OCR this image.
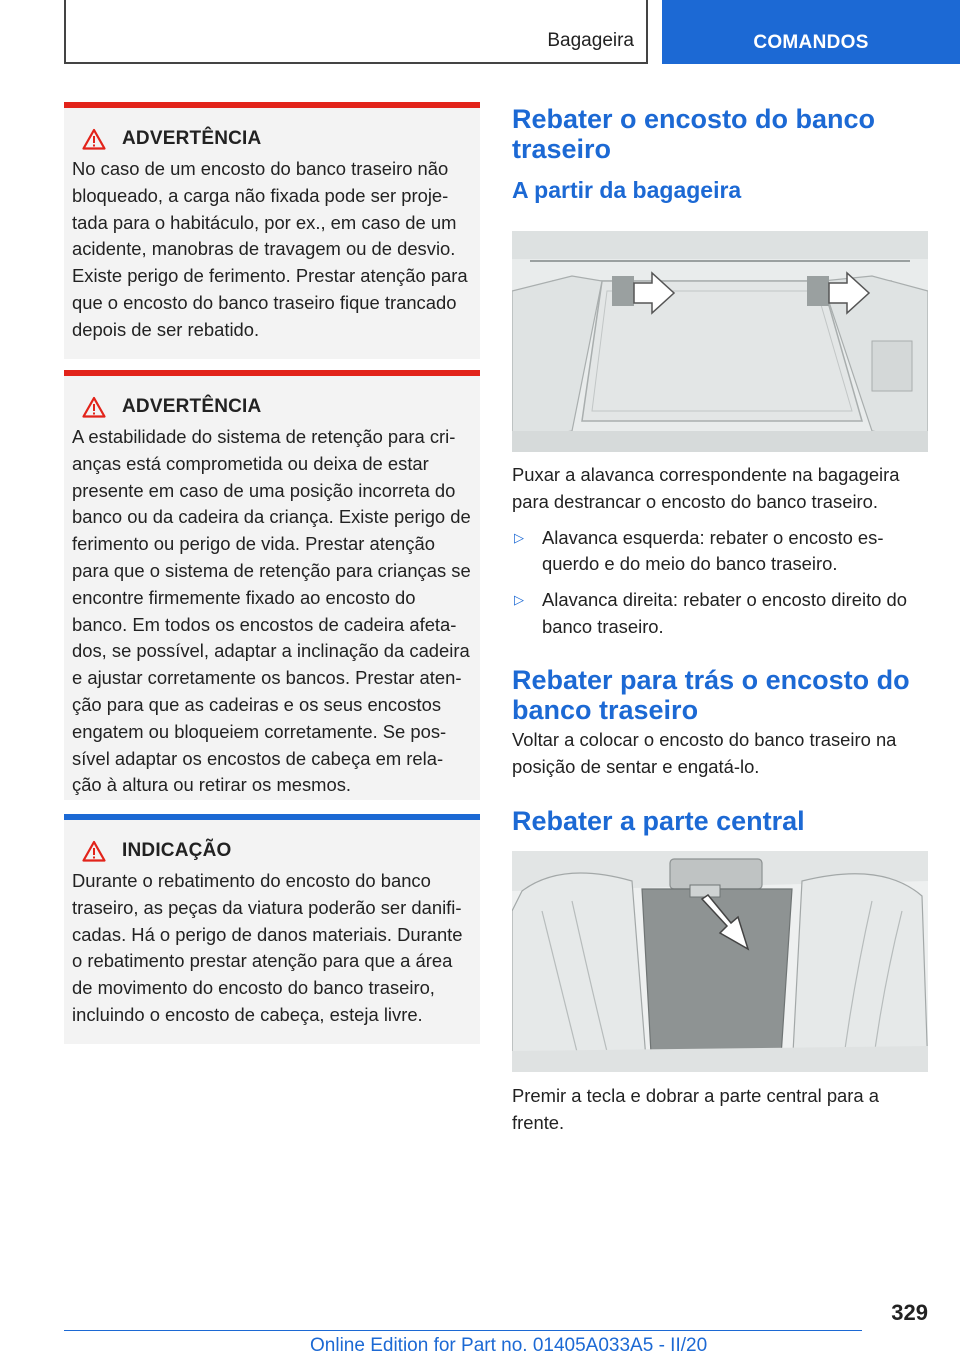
Bagageira	COMANDOS
ADVERTÊNCIA
No caso de um encosto do banco traseiro não bloqueado, a carga não fixada pode ser proje-tada para o habitáculo, por ex., em caso de um acidente, manobras de travagem ou de desvio. Existe perigo de ferimento. Prestar atenção para que o encosto do banco traseiro fique trancado depois de ser rebatido.
ADVERTÊNCIA
A estabilidade do sistema de retenção para cri-anças está comprometida ou deixa de estar presente em caso de uma posição incorreta do banco ou da cadeira da criança. Existe perigo de ferimento ou perigo de vida. Prestar atenção para que o sistema de retenção para crianças se encontre firmemente fixado ao encosto do banco. Em todos os encostos de cadeira afeta-dos, se possível, adaptar a inclinação da cadeira e ajustar corretamente os bancos. Prestar aten-ção para que as cadeiras e os seus encostos engatem ou bloqueiem corretamente. Se pos-sível adaptar os encostos de cabeça em rela-ção à altura ou retirar os mesmos.
INDICAÇÃO
Durante o rebatimento do encosto do banco traseiro, as peças da viatura poderão ser danifi-cadas. Há o perigo de danos materiais. Durante o rebatimento prestar atenção para que a área de movimento do encosto do banco traseiro, incluindo o encosto de cabeça, esteja livre.
Rebater o encosto do banco traseiro
A partir da bagageira

Puxar a alavanca correspondente na bagageira para destrancar o encosto do banco traseiro.

▷ Alavanca esquerda: rebater o encosto es-querdo e do meio do banco traseiro.
▷ Alavanca direita: rebater o encosto direito do banco traseiro.
Rebater para trás o encosto do banco traseiro

Voltar a colocar o encosto do banco traseiro na posição de sentar e engatá-lo.

Rebater a parte central

Premir a tecla e dobrar a parte central para a frente.

329
Online Edition for Part no. 01405A033A5 - II/20
